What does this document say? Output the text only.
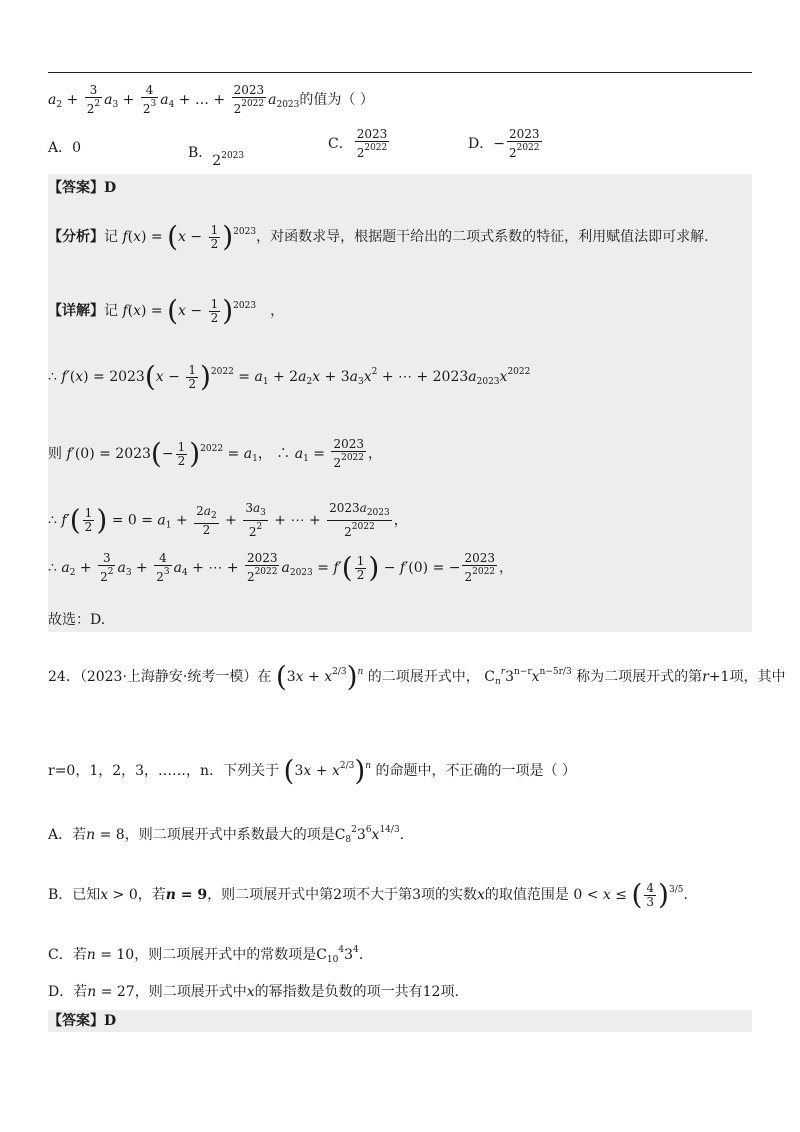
$a_2 + \frac{3}{2^2} a_3 + \frac{4}{2^3} a_4$ + … + $\frac{2023}{2^{2022}} a_{2023}$的值为（ ）
A．0	B．$2^{2023}$
C． $\frac{2023}{2^{2022}}$	D．− $\frac{2023}{2^{2022}}$
【答案】D
【分析】记 $f(x) = (x - \frac{1}{2} )^{2023}$，对函数求导，根据题干给出的二项式系数的特征，利用赋值法即可求解.
【详解】记 $f(x) = (x - \frac{1}{2} )^{2023}$　 ，
∴ $f'(x) = 2023(x - \frac{1}{2} )^{2022} = a_1 + 2a_2x + 3a_3x^2$ + ⋯ + $2023a_{2023}x^{2022}$
则 $f'(0) = 2023(- \frac{1}{2} )^{2022} = a_1$， ∴ $a_1 = \frac{2023}{2^{2022}}$ ，
∴ $f'( \frac{1}{2}$ ) = $0 = a_1 + \frac{2a_2}{2} + \frac{3a_3}{2^2}$ + ⋯ + $\frac{2023a_{2023}}{2^{2022}}$ ，
∴ $a_2 + \frac{3}{2^2} a_3 + \frac{4}{2^3} a_4$ + ⋯ + $\frac{2023}{2^{2022}} a_{2023} = f'( \frac{1}{2}$ ) − f′(0) = − $\frac{2023}{2^{2022}}$ ，
故选：D.
24．（2023·上海静安·统考一模）在 $(3x + x^{2/3})^n$ 的二项展开式中， $C_n^r3^{n-r}x^{n-5r/3}$ 称为二项展开式的第r+1项，其中
r=0，1，2，3，……，n．下列关于 $(3x + x^{2/3})^n$ 的命题中，不正确的一项是（ ）
A．若n = 8，则二项展开式中系数最大的项是$C_8^23^6x^{14/3}$.
B．已知x > 0，若n = 9，则二项展开式中第2项不大于第3项的实数x的取值范围是 0 < x ≤ ( $\frac{4}{3} )^{3/5}$.
C．若n = 10，则二项展开式中的常数项是$C_{10}^43^4$.
D．若n = 27，则二项展开式中x的幂指数是负数的项一共有12项.
【答案】D
